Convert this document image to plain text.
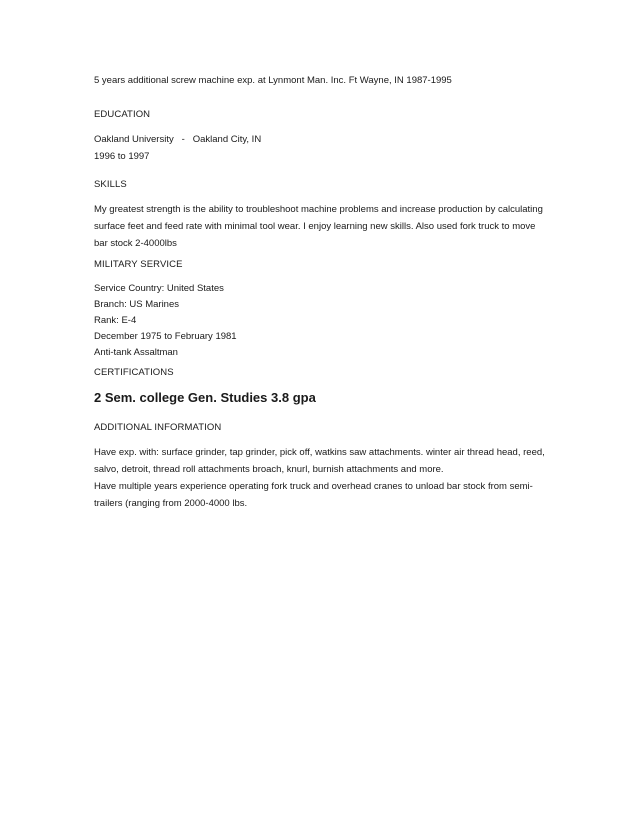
5 years additional screw machine exp. at Lynmont Man. Inc. Ft Wayne, IN 1987-1995

EDUCATION

Oakland University   -   Oakland City, IN
1996 to 1997

SKILLS

My greatest strength is the ability to troubleshoot machine problems and increase production by calculating
surface feet and feed rate with minimal tool wear. I enjoy learning new skills. Also used fork truck to move
bar stock 2-4000lbs

MILITARY SERVICE

Service Country: United States
Branch: US Marines
Rank: E-4
December 1975 to February 1981
Anti-tank Assaltman

CERTIFICATIONS

2 Sem. college Gen. Studies 3.8 gpa

ADDITIONAL INFORMATION

Have exp. with: surface grinder, tap grinder, pick off, watkins saw attachments. winter air thread head, reed,
salvo, detroit, thread roll attachments broach, knurl, burnish attachments and more.
Have multiple years experience operating fork truck and overhead cranes to unload bar stock from semi-
trailers (ranging from 2000-4000 lbs.
